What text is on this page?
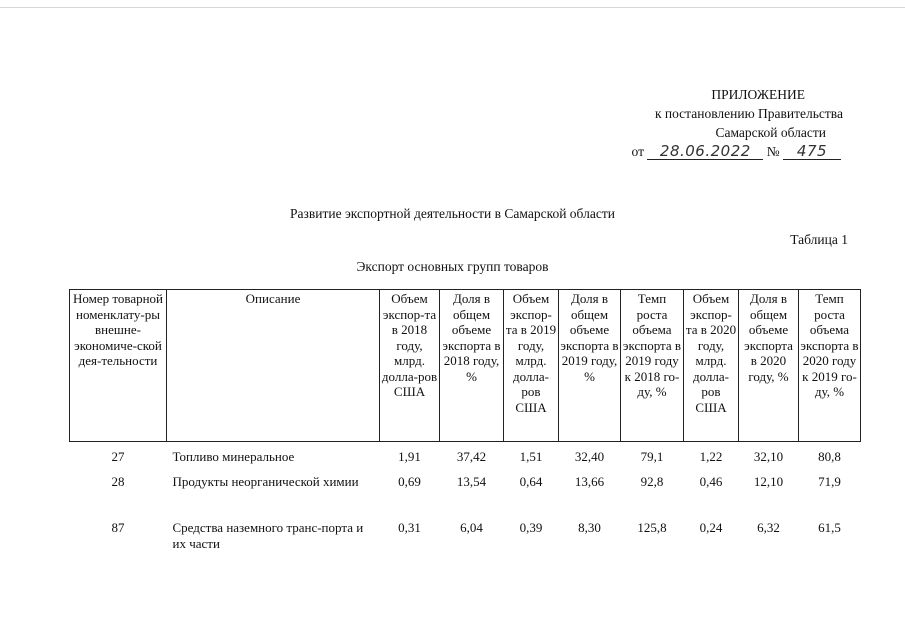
ПРИЛОЖЕНИЕ
к постановлению Правительства

Самарской области
от 28.06.2022 № 475
Развитие экспортной деятельности в Самарской области
Таблица 1
Экспорт основных групп товаров
Номер товарной номенклату-ры внешне-экономиче-ской дея-тельности	Описание	Объем экспор-та в 2018 году, млрд. долла-ров США	Доля в общем объеме экспорта в 2018 году, %	Объем экспор-та в 2019 году, млрд. долла-ров США	Доля в общем объеме экспорта в 2019 году, %	Темп роста объема экспорта в 2019 году к 2018 го-ду, %	Объем экспор-та в 2020 году, млрд. долла-ров США	Доля в общем объеме экспорта в 2020 году, %	Темп роста объема экспорта в 2020 году к 2019 го-ду, %
27	Топливо минеральное	1,91	37,42	1,51	32,40	79,1	1,22	32,10	80,8
28	Продукты неорганической химии	0,69	13,54	0,64	13,66	92,8	0,46	12,10	71,9
87	Средства наземного транс-порта и их части	0,31	6,04	0,39	8,30	125,8	0,24	6,32	61,5
